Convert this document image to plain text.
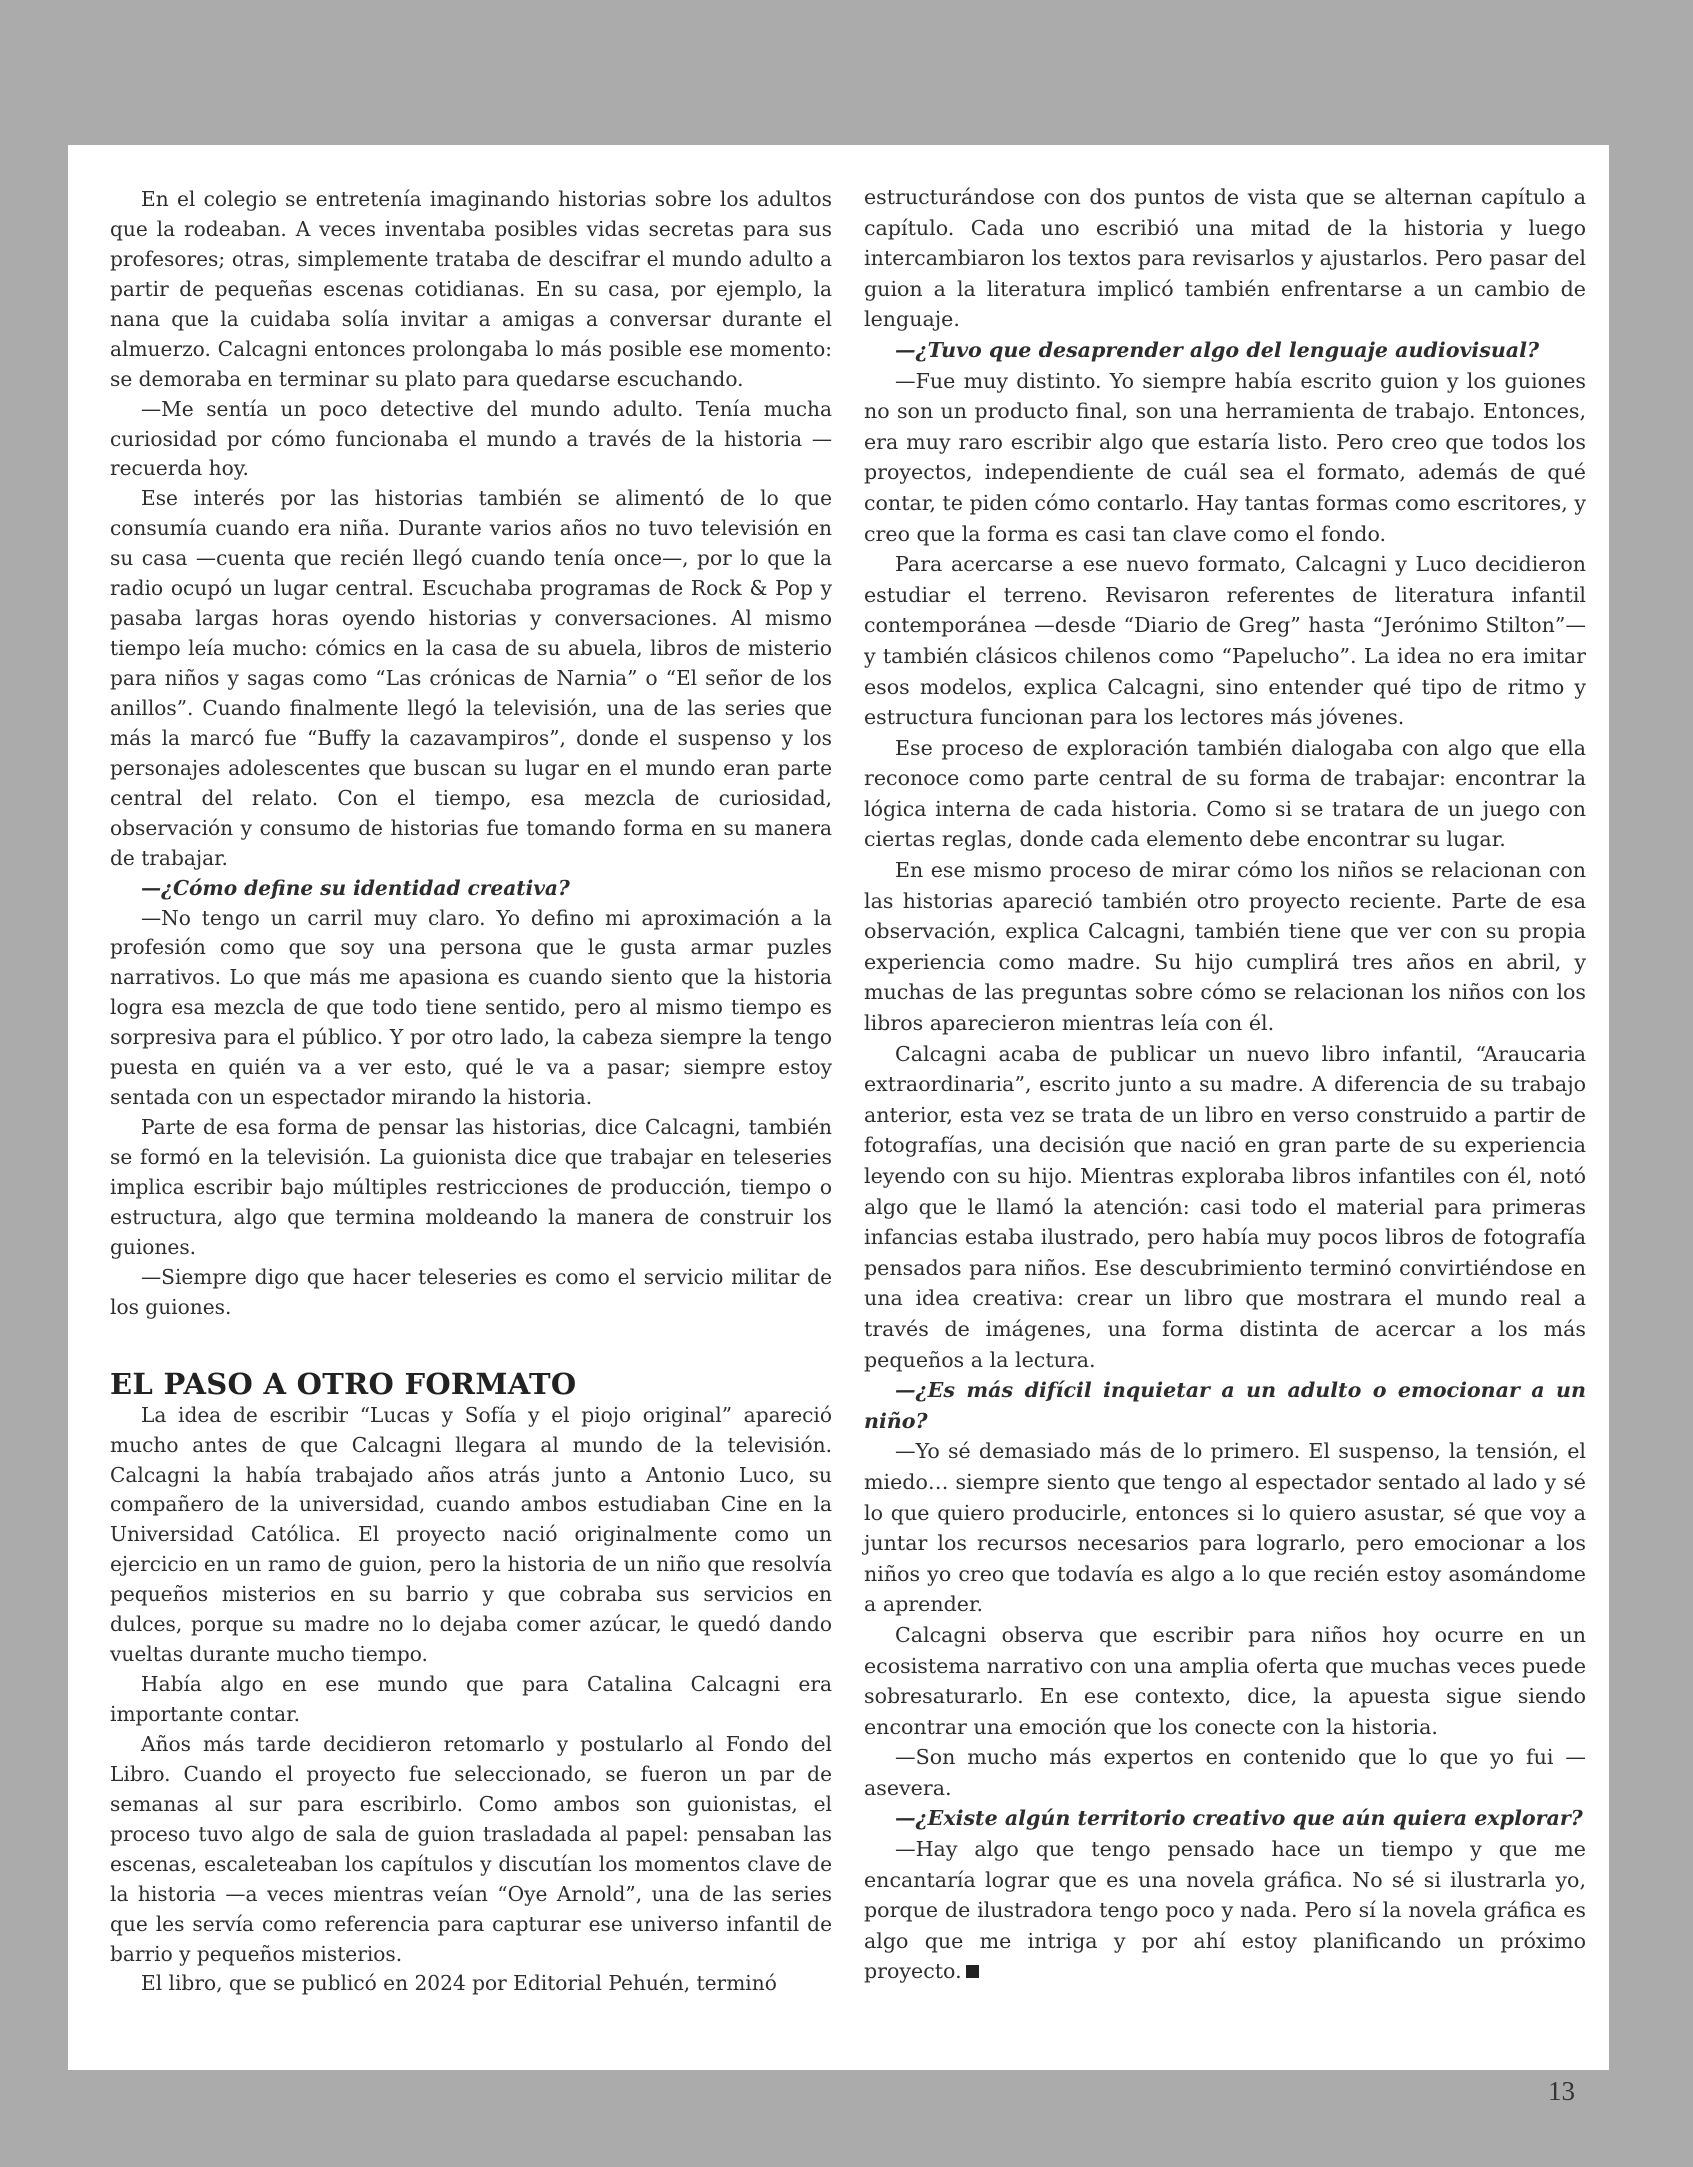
En el colegio se entretenía imaginando historias sobre los adultos que la rodeaban. A veces inventaba posibles vidas secretas para sus profesores; otras, simplemente trataba de descifrar el mundo adulto a partir de pequeñas escenas cotidianas. En su casa, por ejemplo, la nana que la cuidaba solía invitar a amigas a conversar durante el almuerzo. Calcagni entonces prolongaba lo más posible ese momento: se demoraba en terminar su plato para quedarse escuchando.

—Me sentía un poco detective del mundo adulto. Tenía mucha curiosidad por cómo funcionaba el mundo a través de la historia —recuerda hoy.

Ese interés por las historias también se alimentó de lo que consumía cuando era niña. Durante varios años no tuvo televisión en su casa —cuenta que recién llegó cuando tenía once—, por lo que la radio ocupó un lugar central. Escuchaba programas de Rock & Pop y pasaba largas horas oyendo historias y conversaciones. Al mismo tiempo leía mucho: cómics en la casa de su abuela, libros de misterio para niños y sagas como “Las crónicas de Narnia” o “El señor de los anillos”. Cuando finalmente llegó la televisión, una de las series que más la marcó fue “Buffy la cazavampiros”, donde el suspenso y los personajes adolescentes que buscan su lugar en el mundo eran parte central del relato. Con el tiempo, esa mezcla de curiosidad, observación y consumo de historias fue tomando forma en su manera de trabajar.

—¿Cómo define su identidad creativa?

—No tengo un carril muy claro. Yo defino mi aproximación a la profesión como que soy una persona que le gusta armar puzles narrativos. Lo que más me apasiona es cuando siento que la historia logra esa mezcla de que todo tiene sentido, pero al mismo tiempo es sorpresiva para el público. Y por otro lado, la cabeza siempre la tengo puesta en quién va a ver esto, qué le va a pasar; siempre estoy sentada con un espectador mirando la historia.

Parte de esa forma de pensar las historias, dice Calcagni, también se formó en la televisión. La guionista dice que trabajar en teleseries implica escribir bajo múltiples restricciones de producción, tiempo o estructura, algo que termina moldeando la manera de construir los guiones.

—Siempre digo que hacer teleseries es como el servicio militar de los guiones.

EL PASO A OTRO FORMATO

La idea de escribir “Lucas y Sofía y el piojo original” apareció mucho antes de que Calcagni llegara al mundo de la televisión. Calcagni la había trabajado años atrás junto a Antonio Luco, su compañero de la universidad, cuando ambos estudiaban Cine en la Universidad Católica. El proyecto nació originalmente como un ejercicio en un ramo de guion, pero la historia de un niño que resolvía pequeños misterios en su barrio y que cobraba sus servicios en dulces, porque su madre no lo dejaba comer azúcar, le quedó dando vueltas durante mucho tiempo.

Había algo en ese mundo que para Catalina Calcagni era importante contar.

Años más tarde decidieron retomarlo y postularlo al Fondo del Libro. Cuando el proyecto fue seleccionado, se fueron un par de semanas al sur para escribirlo. Como ambos son guionistas, el proceso tuvo algo de sala de guion trasladada al papel: pensaban las escenas, escaleteaban los capítulos y discutían los momentos clave de la historia —a veces mientras veían “Oye Arnold”, una de las series que les servía como referencia para capturar ese universo infantil de barrio y pequeños misterios.

El libro, que se publicó en 2024 por Editorial Pehuén, terminó

estructurándose con dos puntos de vista que se alternan capítulo a capítulo. Cada uno escribió una mitad de la historia y luego intercambiaron los textos para revisarlos y ajustarlos. Pero pasar del guion a la literatura implicó también enfrentarse a un cambio de lenguaje.

—¿Tuvo que desaprender algo del lenguaje audiovisual?

—Fue muy distinto. Yo siempre había escrito guion y los guiones no son un producto final, son una herramienta de trabajo. Entonces, era muy raro escribir algo que estaría listo. Pero creo que todos los proyectos, independiente de cuál sea el formato, además de qué contar, te piden cómo contarlo. Hay tantas formas como escritores, y creo que la forma es casi tan clave como el fondo.

Para acercarse a ese nuevo formato, Calcagni y Luco decidieron estudiar el terreno. Revisaron referentes de literatura infantil contemporánea —desde “Diario de Greg” hasta “Jerónimo Stilton”— y también clásicos chilenos como “Papelucho”. La idea no era imitar esos modelos, explica Calcagni, sino entender qué tipo de ritmo y estructura funcionan para los lectores más jóvenes.

Ese proceso de exploración también dialogaba con algo que ella reconoce como parte central de su forma de trabajar: encontrar la lógica interna de cada historia. Como si se tratara de un juego con ciertas reglas, donde cada elemento debe encontrar su lugar.

En ese mismo proceso de mirar cómo los niños se relacionan con las historias apareció también otro proyecto reciente. Parte de esa observación, explica Calcagni, también tiene que ver con su propia experiencia como madre. Su hijo cumplirá tres años en abril, y muchas de las preguntas sobre cómo se relacionan los niños con los libros aparecieron mientras leía con él.

Calcagni acaba de publicar un nuevo libro infantil, “Araucaria extraordinaria”, escrito junto a su madre. A diferencia de su trabajo anterior, esta vez se trata de un libro en verso construido a partir de fotografías, una decisión que nació en gran parte de su experiencia leyendo con su hijo. Mientras exploraba libros infantiles con él, notó algo que le llamó la atención: casi todo el material para primeras infancias estaba ilustrado, pero había muy pocos libros de fotografía pensados para niños. Ese descubrimiento terminó convirtiéndose en una idea creativa: crear un libro que mostrara el mundo real a través de imágenes, una forma distinta de acercar a los más pequeños a la lectura.

—¿Es más difícil inquietar a un adulto o emocionar a un niño?

—Yo sé demasiado más de lo primero. El suspenso, la tensión, el miedo… siempre siento que tengo al espectador sentado al lado y sé lo que quiero producirle, entonces si lo quiero asustar, sé que voy a juntar los recursos necesarios para lograrlo, pero emocionar a los niños yo creo que todavía es algo a lo que recién estoy asomándome a aprender.

Calcagni observa que escribir para niños hoy ocurre en un ecosistema narrativo con una amplia oferta que muchas veces puede sobresaturarlo. En ese contexto, dice, la apuesta sigue siendo encontrar una emoción que los conecte con la historia.

—Son mucho más expertos en contenido que lo que yo fui —asevera.

—¿Existe algún territorio creativo que aún quiera explorar?

—Hay algo que tengo pensado hace un tiempo y que me encantaría lograr que es una novela gráfica. No sé si ilustrarla yo, porque de ilustradora tengo poco y nada. Pero sí la novela gráfica es algo que me intriga y por ahí estoy planificando un próximo proyecto.

13
